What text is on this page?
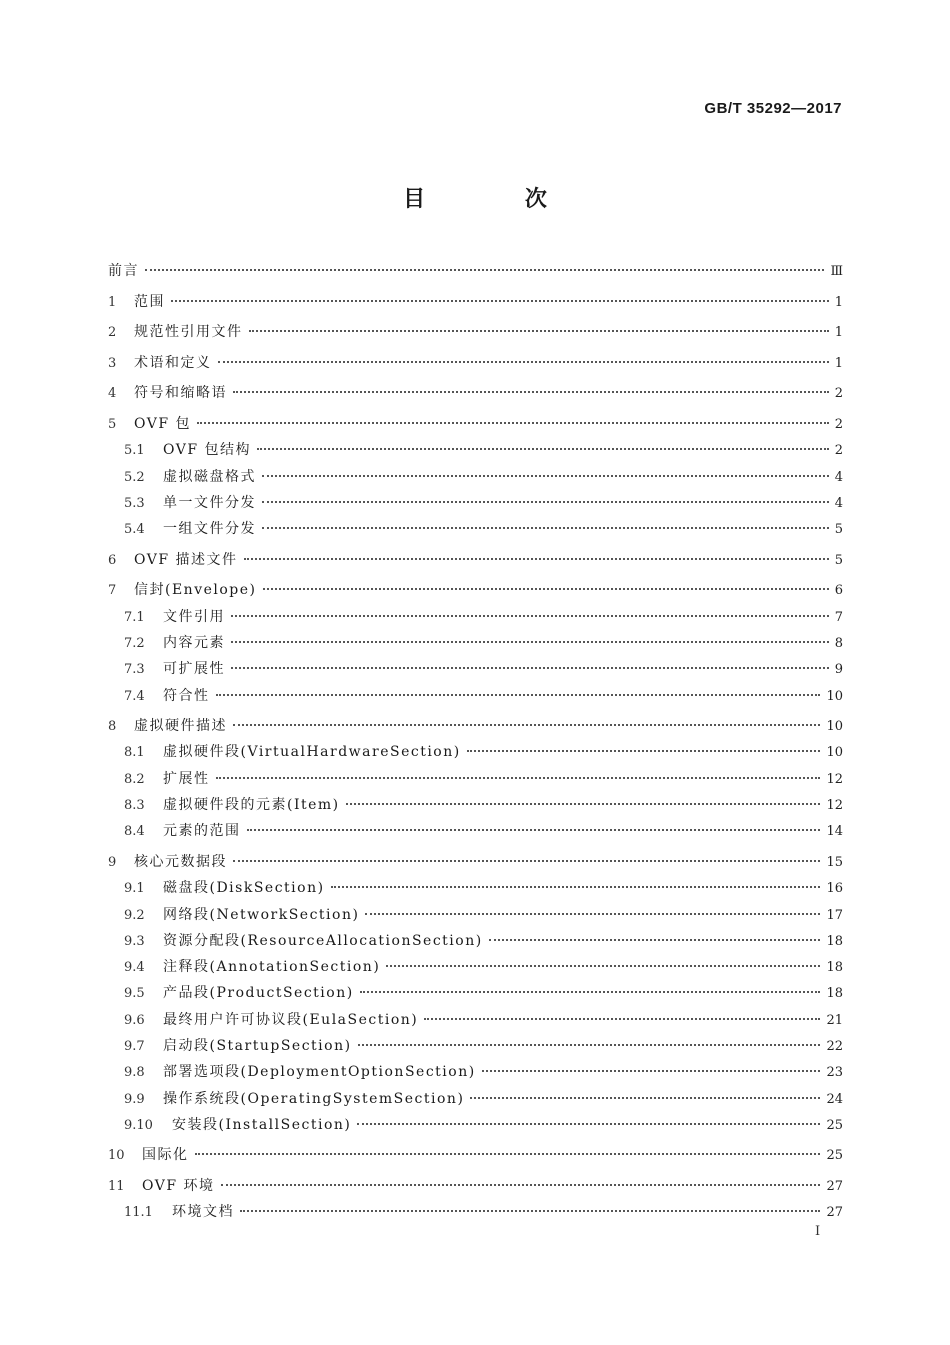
GB/T 35292—2017
目 次
前言	Ⅲ
1	范围	1
2	规范性引用文件	1
3	术语和定义	1
4	符号和缩略语	2
5	OVF 包	2
5.1	OVF 包结构	2
5.2	虚拟磁盘格式	4
5.3	单一文件分发	4
5.4	一组文件分发	5
6	OVF 描述文件	5
7	信封(Envelope)	6
7.1	文件引用	7
7.2	内容元素	8
7.3	可扩展性	9
7.4	符合性	10
8	虚拟硬件描述	10
8.1	虚拟硬件段(VirtualHardwareSection)	10
8.2	扩展性	12
8.3	虚拟硬件段的元素(Item)	12
8.4	元素的范围	14
9	核心元数据段	15
9.1	磁盘段(DiskSection)	16
9.2	网络段(NetworkSection)	17
9.3	资源分配段(ResourceAllocationSection)	18
9.4	注释段(AnnotationSection)	18
9.5	产品段(ProductSection)	18
9.6	最终用户许可协议段(EulaSection)	21
9.7	启动段(StartupSection)	22
9.8	部署选项段(DeploymentOptionSection)	23
9.9	操作系统段(OperatingSystemSection)	24
9.10	安装段(InstallSection)	25
10	国际化	25
11	OVF 环境	27
11.1	环境文档	27
I
